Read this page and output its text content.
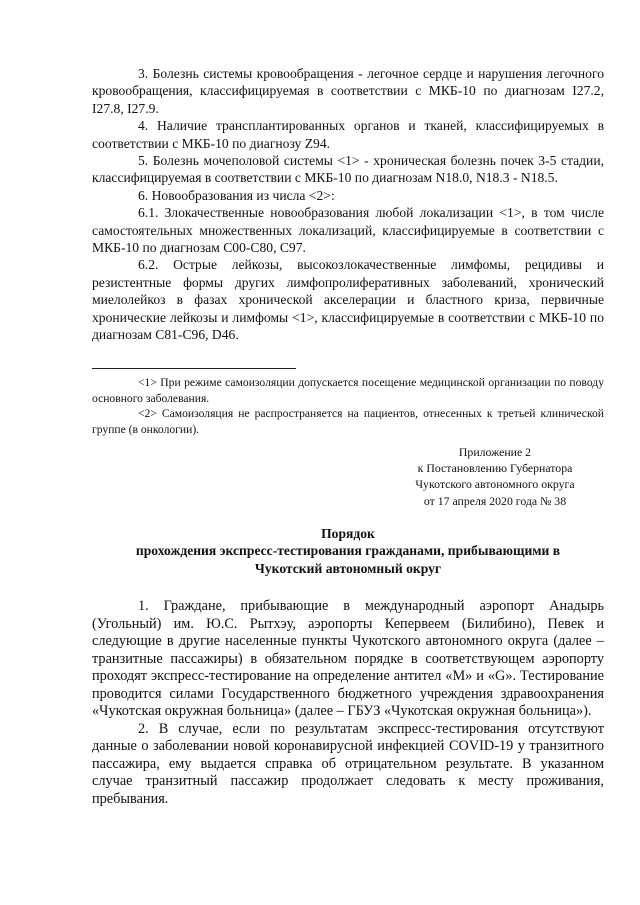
3. Болезнь системы кровообращения - легочное сердце и нарушения легочного кровообращения, классифицируемая в соответствии с МКБ-10 по диагнозам I27.2, I27.8, I27.9.

4. Наличие трансплантированных органов и тканей, классифицируемых в соответствии с МКБ-10 по диагнозу Z94.

5. Болезнь мочеполовой системы <1> - хроническая болезнь почек 3-5 стадии, классифицируемая в соответствии с МКБ-10 по диагнозам N18.0, N18.3 - N18.5.

6. Новообразования из числа <2>:

6.1. Злокачественные новообразования любой локализации <1>, в том числе самостоятельных множественных локализаций, классифицируемые в соответствии с МКБ-10 по диагнозам C00-C80, C97.

6.2. Острые лейкозы, высокозлокачественные лимфомы, рецидивы и резистентные формы других лимфопролиферативных заболеваний, хронический миелолейкоз в фазах хронической акселерации и бластного криза, первичные хронические лейкозы и лимфомы <1>, классифицируемые в соответствии с МКБ-10 по диагнозам C81-C96, D46.

<1> При режиме самоизоляции допускается посещение медицинской организации по поводу основного заболевания.

<2> Самоизоляция не распространяется на пациентов, отнесенных к третьей клинической группе (в онкологии).

Приложение 2
к Постановлению Губернатора
Чукотского автономного округа
от 17 апреля 2020 года № 38
Порядок
прохождения экспресс-тестирования гражданами, прибывающими в
Чукотский автономный округ

1. Граждане, прибывающие в международный аэропорт Анадырь (Угольный) им. Ю.С. Рытхэу, аэропорты Кепервеем (Билибино), Певек и следующие в другие населенные пункты Чукотского автономного округа (далее – транзитные пассажиры) в обязательном порядке в соответствующем аэропорту проходят экспресс-тестирование на определение антител «M» и «G». Тестирование проводится силами Государственного бюджетного учреждения здравоохранения «Чукотская окружная больница» (далее – ГБУЗ «Чукотская окружная больница»).

2. В случае, если по результатам экспресс-тестирования отсутствуют данные о заболевании новой коронавирусной инфекцией COVID-19 у транзитного пассажира, ему выдается справка об отрицательном результате. В указанном случае транзитный пассажир продолжает следовать к месту проживания, пребывания.
